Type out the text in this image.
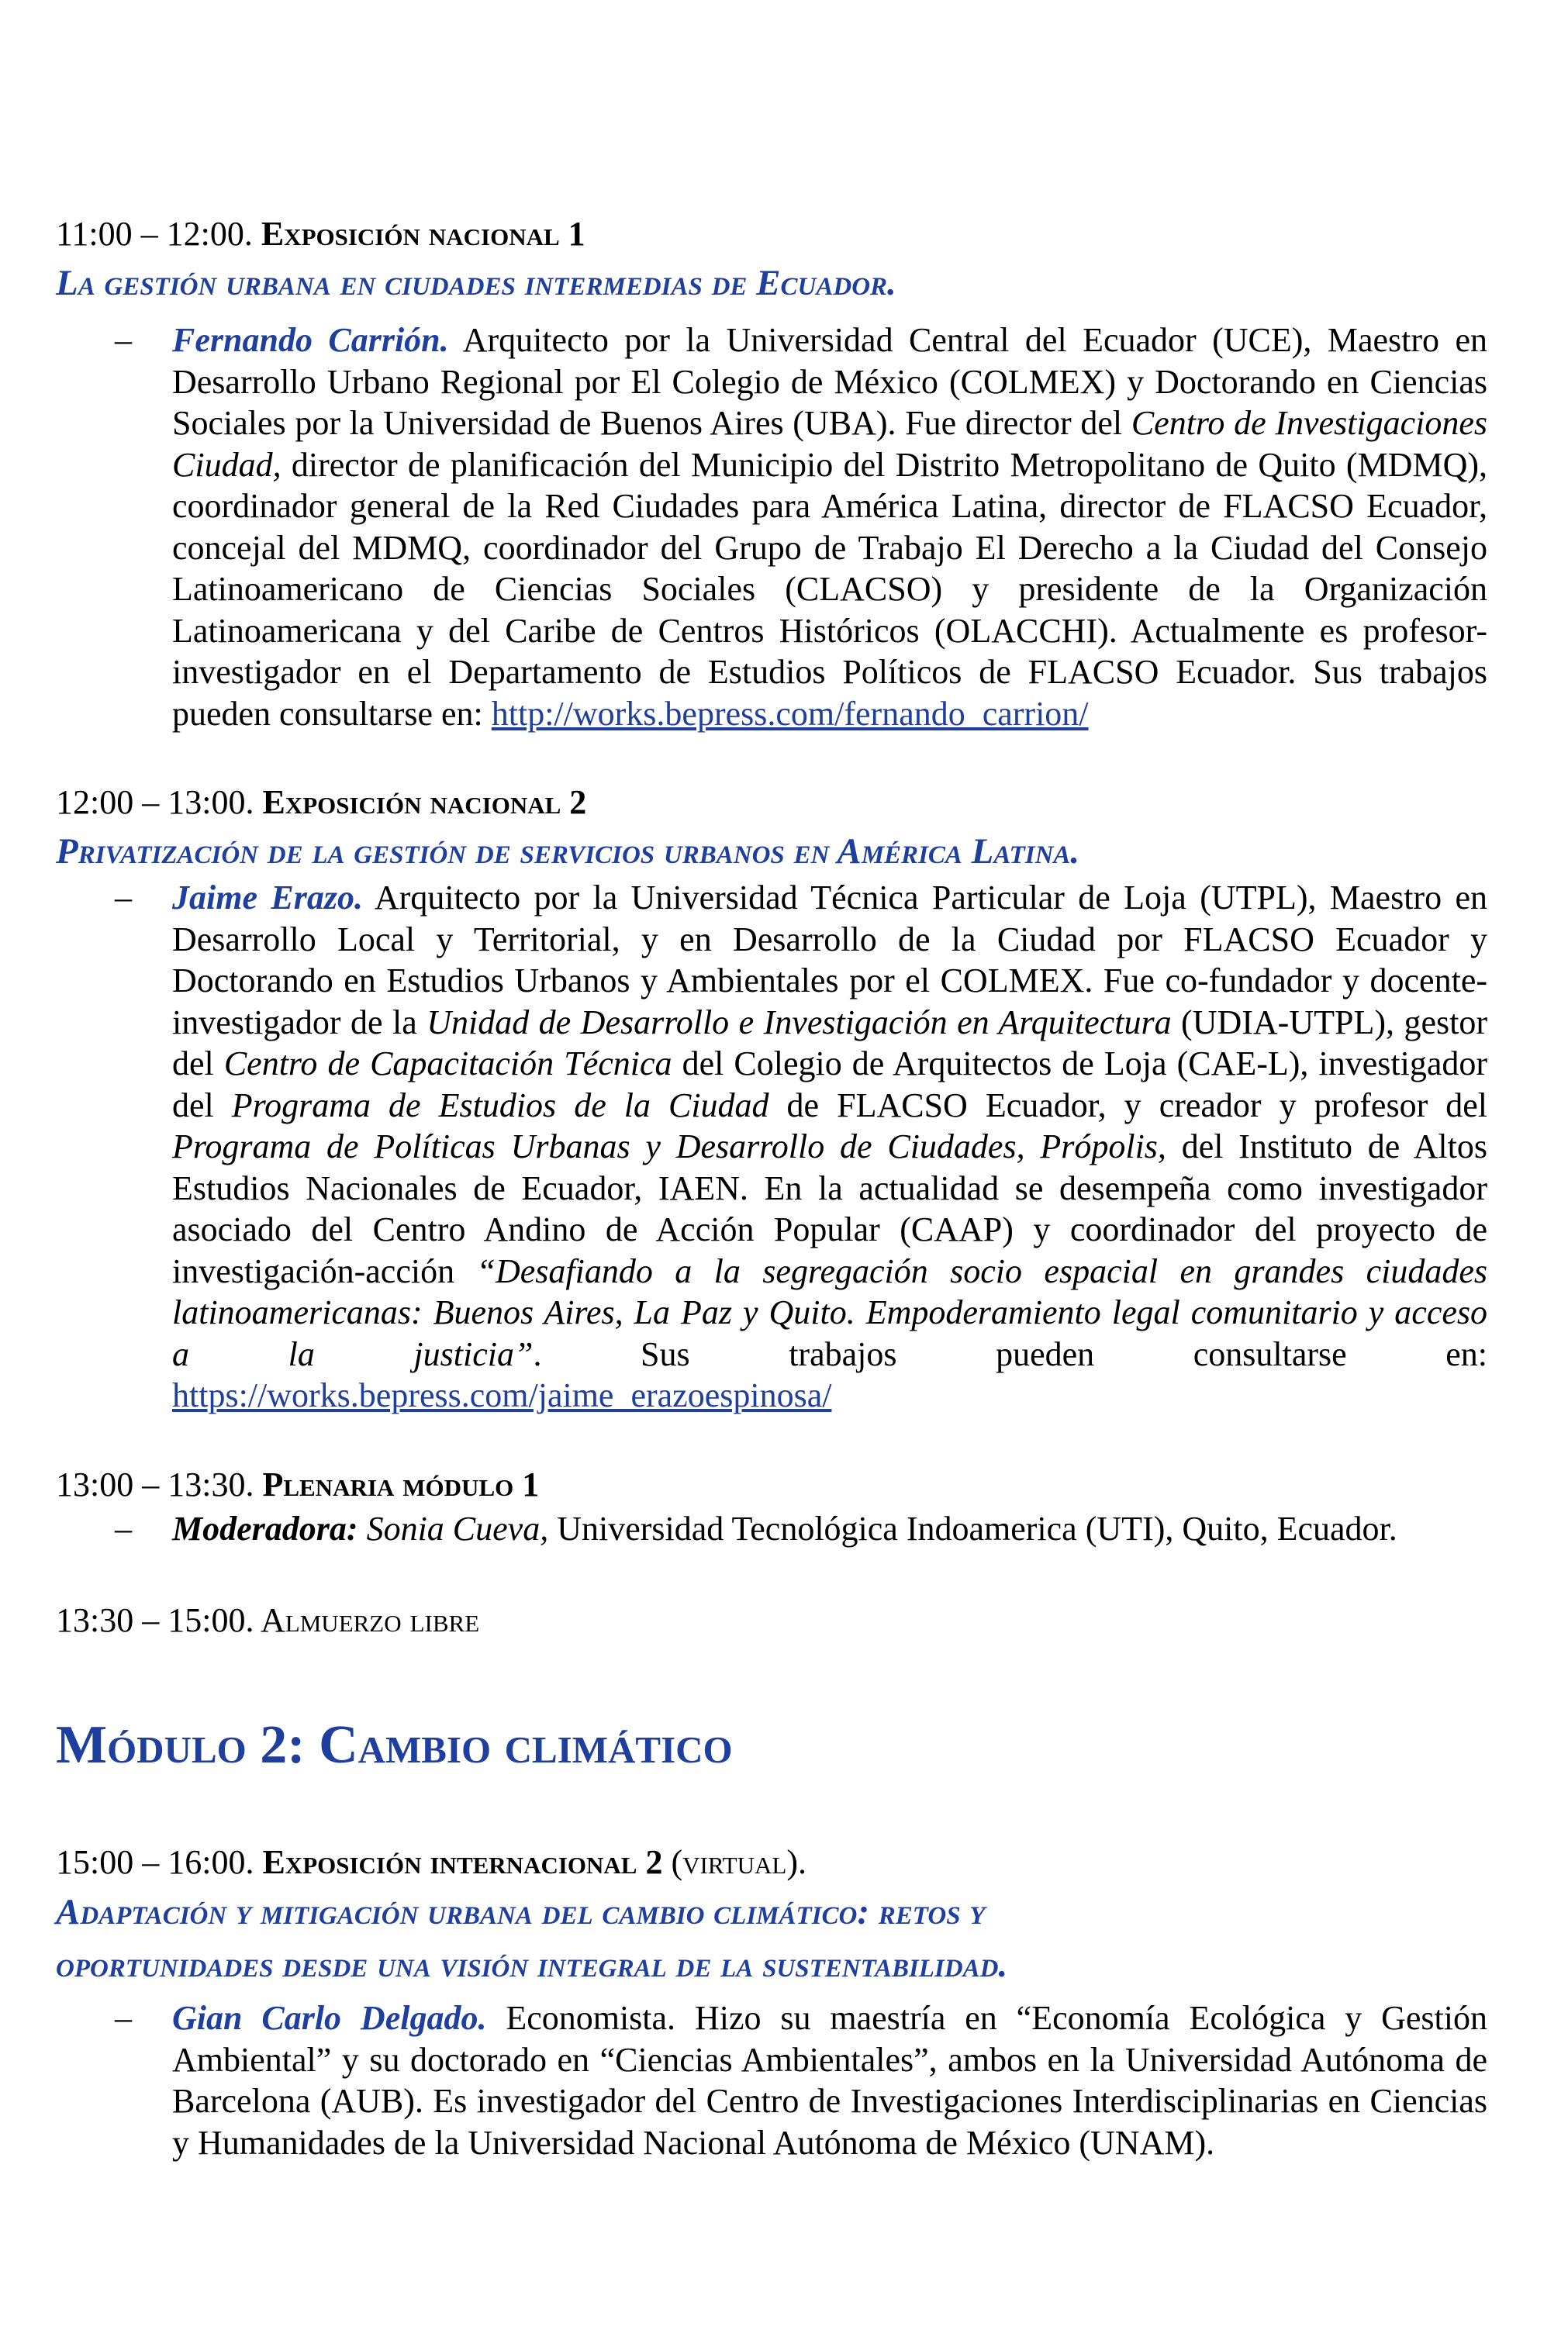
11:00 – 12:00. Exposición nacional 1
La gestión urbana en ciudades intermedias de Ecuador.
– Fernando Carrión. Arquitecto por la Universidad Central del Ecuador (UCE), Maestro en Desarrollo Urbano Regional por El Colegio de México (COLMEX) y Doctorando en Ciencias Sociales por la Universidad de Buenos Aires (UBA). Fue director del Centro de Investigaciones Ciudad, director de planificación del Municipio del Distrito Metropolitano de Quito (MDMQ), coordinador general de la Red Ciudades para América Latina, director de FLACSO Ecuador, concejal del MDMQ, coordinador del Grupo de Trabajo El Derecho a la Ciudad del Consejo Latinoamericano de Ciencias Sociales (CLACSO) y presidente de la Organización Latinoamericana y del Caribe de Centros Históricos (OLACCHI). Actualmente es profesor-investigador en el Departamento de Estudios Políticos de FLACSO Ecuador. Sus trabajos pueden consultarse en: http://works.bepress.com/fernando_carrion/
12:00 – 13:00. Exposición nacional 2
Privatización de la gestión de servicios urbanos en América Latina.
– Jaime Erazo. Arquitecto por la Universidad Técnica Particular de Loja (UTPL), Maestro en Desarrollo Local y Territorial, y en Desarrollo de la Ciudad por FLACSO Ecuador y Doctorando en Estudios Urbanos y Ambientales por el COLMEX. Fue co-fundador y docente-investigador de la Unidad de Desarrollo e Investigación en Arquitectura (UDIA-UTPL), gestor del Centro de Capacitación Técnica del Colegio de Arquitectos de Loja (CAE-L), investigador del Programa de Estudios de la Ciudad de FLACSO Ecuador, y creador y profesor del Programa de Políticas Urbanas y Desarrollo de Ciudades, Própolis, del Instituto de Altos Estudios Nacionales de Ecuador, IAEN. En la actualidad se desempeña como investigador asociado del Centro Andino de Acción Popular (CAAP) y coordinador del proyecto de investigación-acción “Desafiando a la segregación socio espacial en grandes ciudades latinoamericanas: Buenos Aires, La Paz y Quito. Empoderamiento legal comunitario y acceso a la justicia”. Sus trabajos pueden consultarse en: https://works.bepress.com/jaime_erazoespinosa/
13:00 – 13:30. Plenaria módulo 1
– Moderadora: Sonia Cueva, Universidad Tecnológica Indoamerica (UTI), Quito, Ecuador.
13:30 – 15:00. Almuerzo libre
Módulo 2: Cambio climático
15:00 – 16:00. Exposición internacional 2 (virtual).
Adaptación y mitigación urbana del cambio climático: retos y
oportunidades desde una visión integral de la sustentabilidad.
– Gian Carlo Delgado. Economista. Hizo su maestría en “Economía Ecológica y Gestión Ambiental” y su doctorado en “Ciencias Ambientales”, ambos en la Universidad Autónoma de Barcelona (AUB). Es investigador del Centro de Investigaciones Interdisciplinarias en Ciencias y Humanidades de la Universidad Nacional Autónoma de México (UNAM).
